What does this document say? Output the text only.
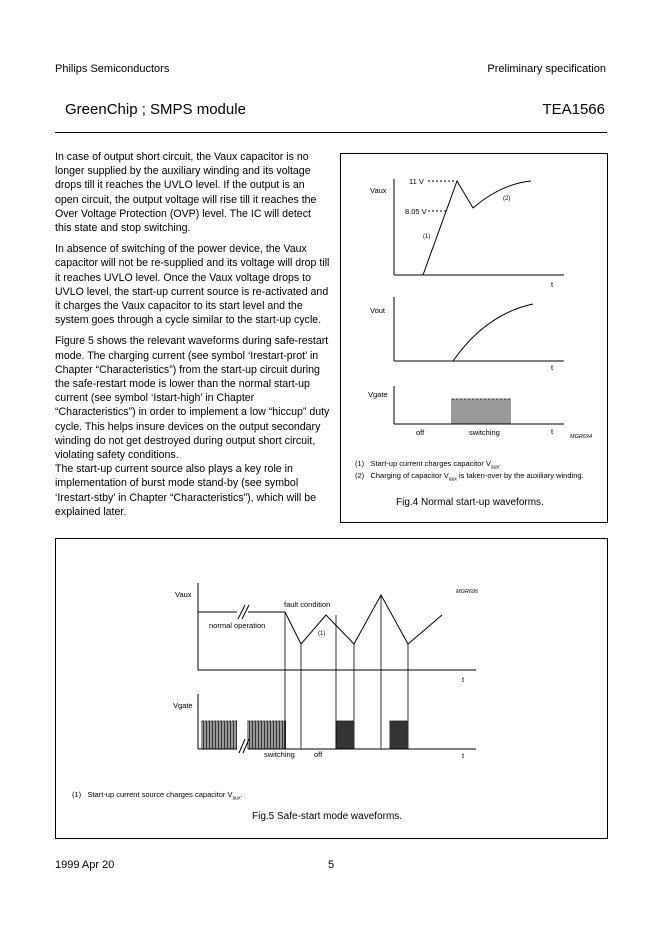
Philips Semiconductors	Preliminary specification
GreenChip ; SMPS module	TEA1566

In case of output short circuit, the Vaux capacitor is no longer supplied by the auxiliary winding and its voltage drops till it reaches the UVLO level. If the output is an open circuit, the output voltage will rise till it reaches the Over Voltage Protection (OVP) level. The IC will detect this state and stop switching.

In absence of switching of the power device, the Vaux capacitor will not be re-supplied and its voltage will drop till it reaches UVLO level. Once the Vaux voltage drops to UVLO level, the start-up current source is re-activated and it charges the Vaux capacitor to its start level and the system goes through a cycle similar to the start-up cycle.

Figure 5 shows the relevant waveforms during safe-restart mode. The charging current (see symbol ‘Irestart-prot’ in Chapter “Characteristics”) from the start-up circuit during the safe-restart mode is lower than the normal start-up current (see symbol ‘Istart-high’ in Chapter “Characteristics”) in order to implement a low “hiccup” duty cycle. This helps insure devices on the output secondary winding do not get destroyed during output short circuit, violating safety conditions.

The start-up current source also plays a key role in implementation of burst mode stand-by (see symbol ‘Irestart-stby’ in Chapter “Characteristics”), which will be explained later.

Vaux
11 V
8.05 V
(1)
(2)
t
Vout
t
Vgate
off	switching	t
MGR694
(1) Start-up current charges capacitor $V_{aux}$.
(2) Charging of capacitor $V_{aux}$ is taken-over by the auxiliary winding.
Fig.4 Normal start-up waveforms.
Vaux	MGR695
fault condition
normal operation
(1)
t
Vgate
switching	off	t
(1) Start-up current source charges capacitor $V_{aux}$.
Fig.5 Safe-start mode waveforms.
1999 Apr 20	5
